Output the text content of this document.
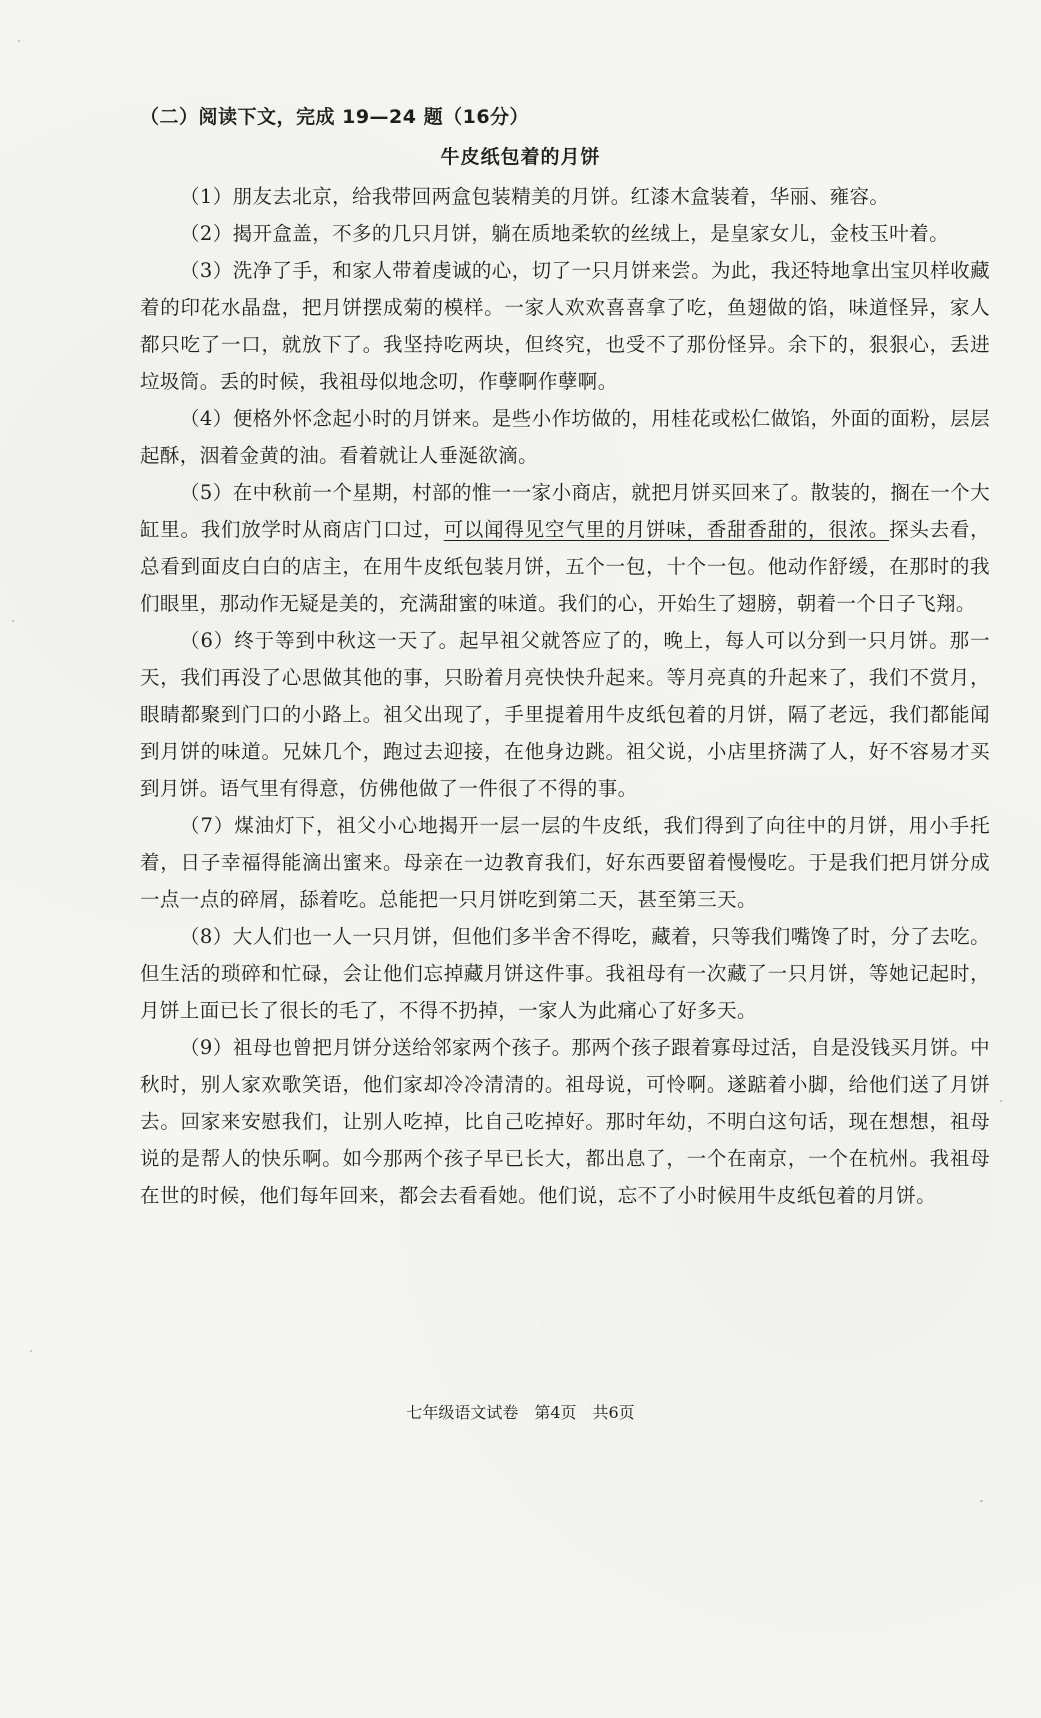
（二）阅读下文，完成 19—24 题（16分）
牛皮纸包着的月饼

（1）朋友去北京，给我带回两盒包装精美的月饼。红漆木盒装着，华丽、雍容。

（2）揭开盒盖，不多的几只月饼，躺在质地柔软的丝绒上，是皇家女儿，金枝玉叶着。

（3）洗净了手，和家人带着虔诚的心，切了一只月饼来尝。为此，我还特地拿出宝贝样收藏着的印花水晶盘，把月饼摆成菊的模样。一家人欢欢喜喜拿了吃，鱼翅做的馅，味道怪异，家人都只吃了一口，就放下了。我坚持吃两块，但终究，也受不了那份怪异。余下的，狠狠心，丢进垃圾筒。丢的时候，我祖母似地念叨，作孽啊作孽啊。

（4）便格外怀念起小时的月饼来。是些小作坊做的，用桂花或松仁做馅，外面的面粉，层层起酥，洇着金黄的油。看着就让人垂涎欲滴。

（5）在中秋前一个星期，村部的惟一一家小商店，就把月饼买回来了。散装的，搁在一个大缸里。我们放学时从商店门口过，可以闻得见空气里的月饼味，香甜香甜的，很浓。探头去看，总看到面皮白白的店主，在用牛皮纸包装月饼，五个一包，十个一包。他动作舒缓，在那时的我们眼里，那动作无疑是美的，充满甜蜜的味道。我们的心，开始生了翅膀，朝着一个日子飞翔。

（6）终于等到中秋这一天了。起早祖父就答应了的，晚上，每人可以分到一只月饼。那一天，我们再没了心思做其他的事，只盼着月亮快快升起来。等月亮真的升起来了，我们不赏月，眼睛都聚到门口的小路上。祖父出现了，手里提着用牛皮纸包着的月饼，隔了老远，我们都能闻到月饼的味道。兄妹几个，跑过去迎接，在他身边跳。祖父说，小店里挤满了人，好不容易才买到月饼。语气里有得意，仿佛他做了一件很了不得的事。

（7）煤油灯下，祖父小心地揭开一层一层的牛皮纸，我们得到了向往中的月饼，用小手托着，日子幸福得能滴出蜜来。母亲在一边教育我们，好东西要留着慢慢吃。于是我们把月饼分成一点一点的碎屑，舔着吃。总能把一只月饼吃到第二天，甚至第三天。

（8）大人们也一人一只月饼，但他们多半舍不得吃，藏着，只等我们嘴馋了时，分了去吃。但生活的琐碎和忙碌，会让他们忘掉藏月饼这件事。我祖母有一次藏了一只月饼，等她记起时，月饼上面已长了很长的毛了，不得不扔掉，一家人为此痛心了好多天。

（9）祖母也曾把月饼分送给邻家两个孩子。那两个孩子跟着寡母过活，自是没钱买月饼。中秋时，别人家欢歌笑语，他们家却冷冷清清的。祖母说，可怜啊。遂踮着小脚，给他们送了月饼去。回家来安慰我们，让别人吃掉，比自己吃掉好。那时年幼，不明白这句话，现在想想，祖母说的是帮人的快乐啊。如今那两个孩子早已长大，都出息了，一个在南京，一个在杭州。我祖母在世的时候，他们每年回来，都会去看看她。他们说，忘不了小时候用牛皮纸包着的月饼。

七年级语文试卷　第4页　共6页
